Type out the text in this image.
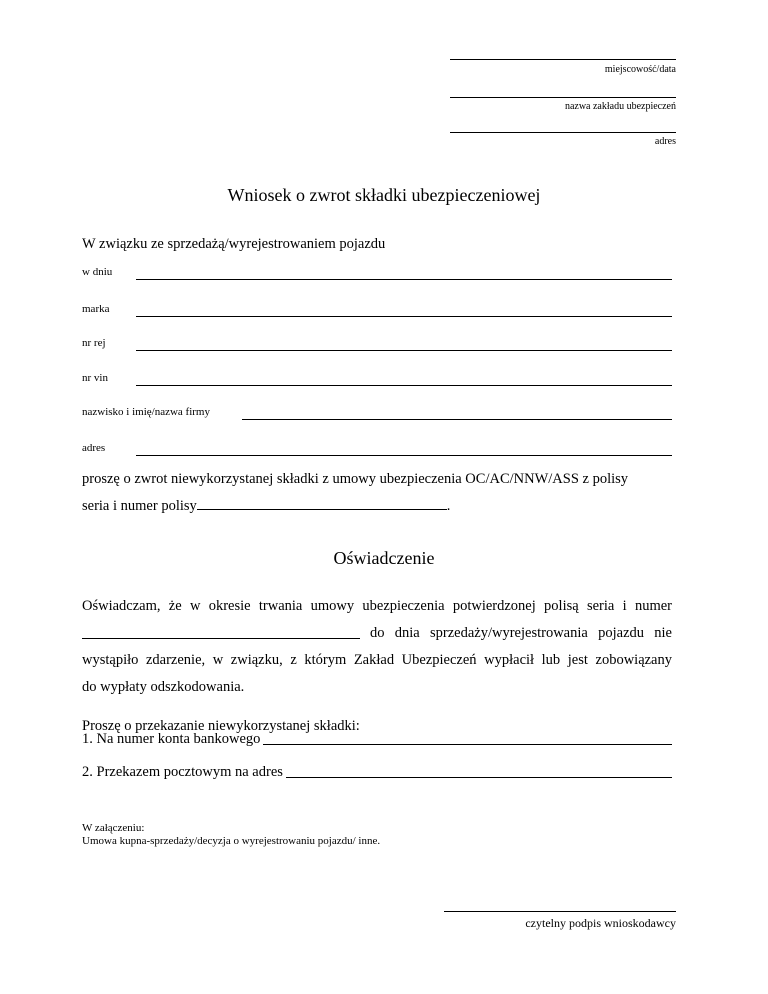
miejscowość/data
nazwa zakładu ubezpieczeń
adres
Wniosek o zwrot składki ubezpieczeniowej
W związku ze sprzedażą/wyrejestrowaniem pojazdu
w dniu
marka
nr rej
nr vin
nazwisko i imię/nazwa firmy
adres
proszę o zwrot niewykorzystanej składki z umowy ubezpieczenia OC/AC/NNW/ASS z polisy
seria i numer polisy	.
Oświadczenie
Oświadczam, że w okresie trwania umowy ubezpieczenia potwierdzonej polisą seria i numer
do dnia sprzedaży/wyrejestrowania pojazdu nie
wystąpiło zdarzenie, w związku, z którym Zakład Ubezpieczeń wypłacił lub jest zobowiązany
do wypłaty odszkodowania.
Proszę o przekazanie niewykorzystanej składki:
1. Na numer konta bankowego
2. Przekazem pocztowym na adres
W załączeniu:
Umowa kupna-sprzedaży/decyzja o wyrejestrowaniu pojazdu/ inne.
czytelny podpis wnioskodawcy
